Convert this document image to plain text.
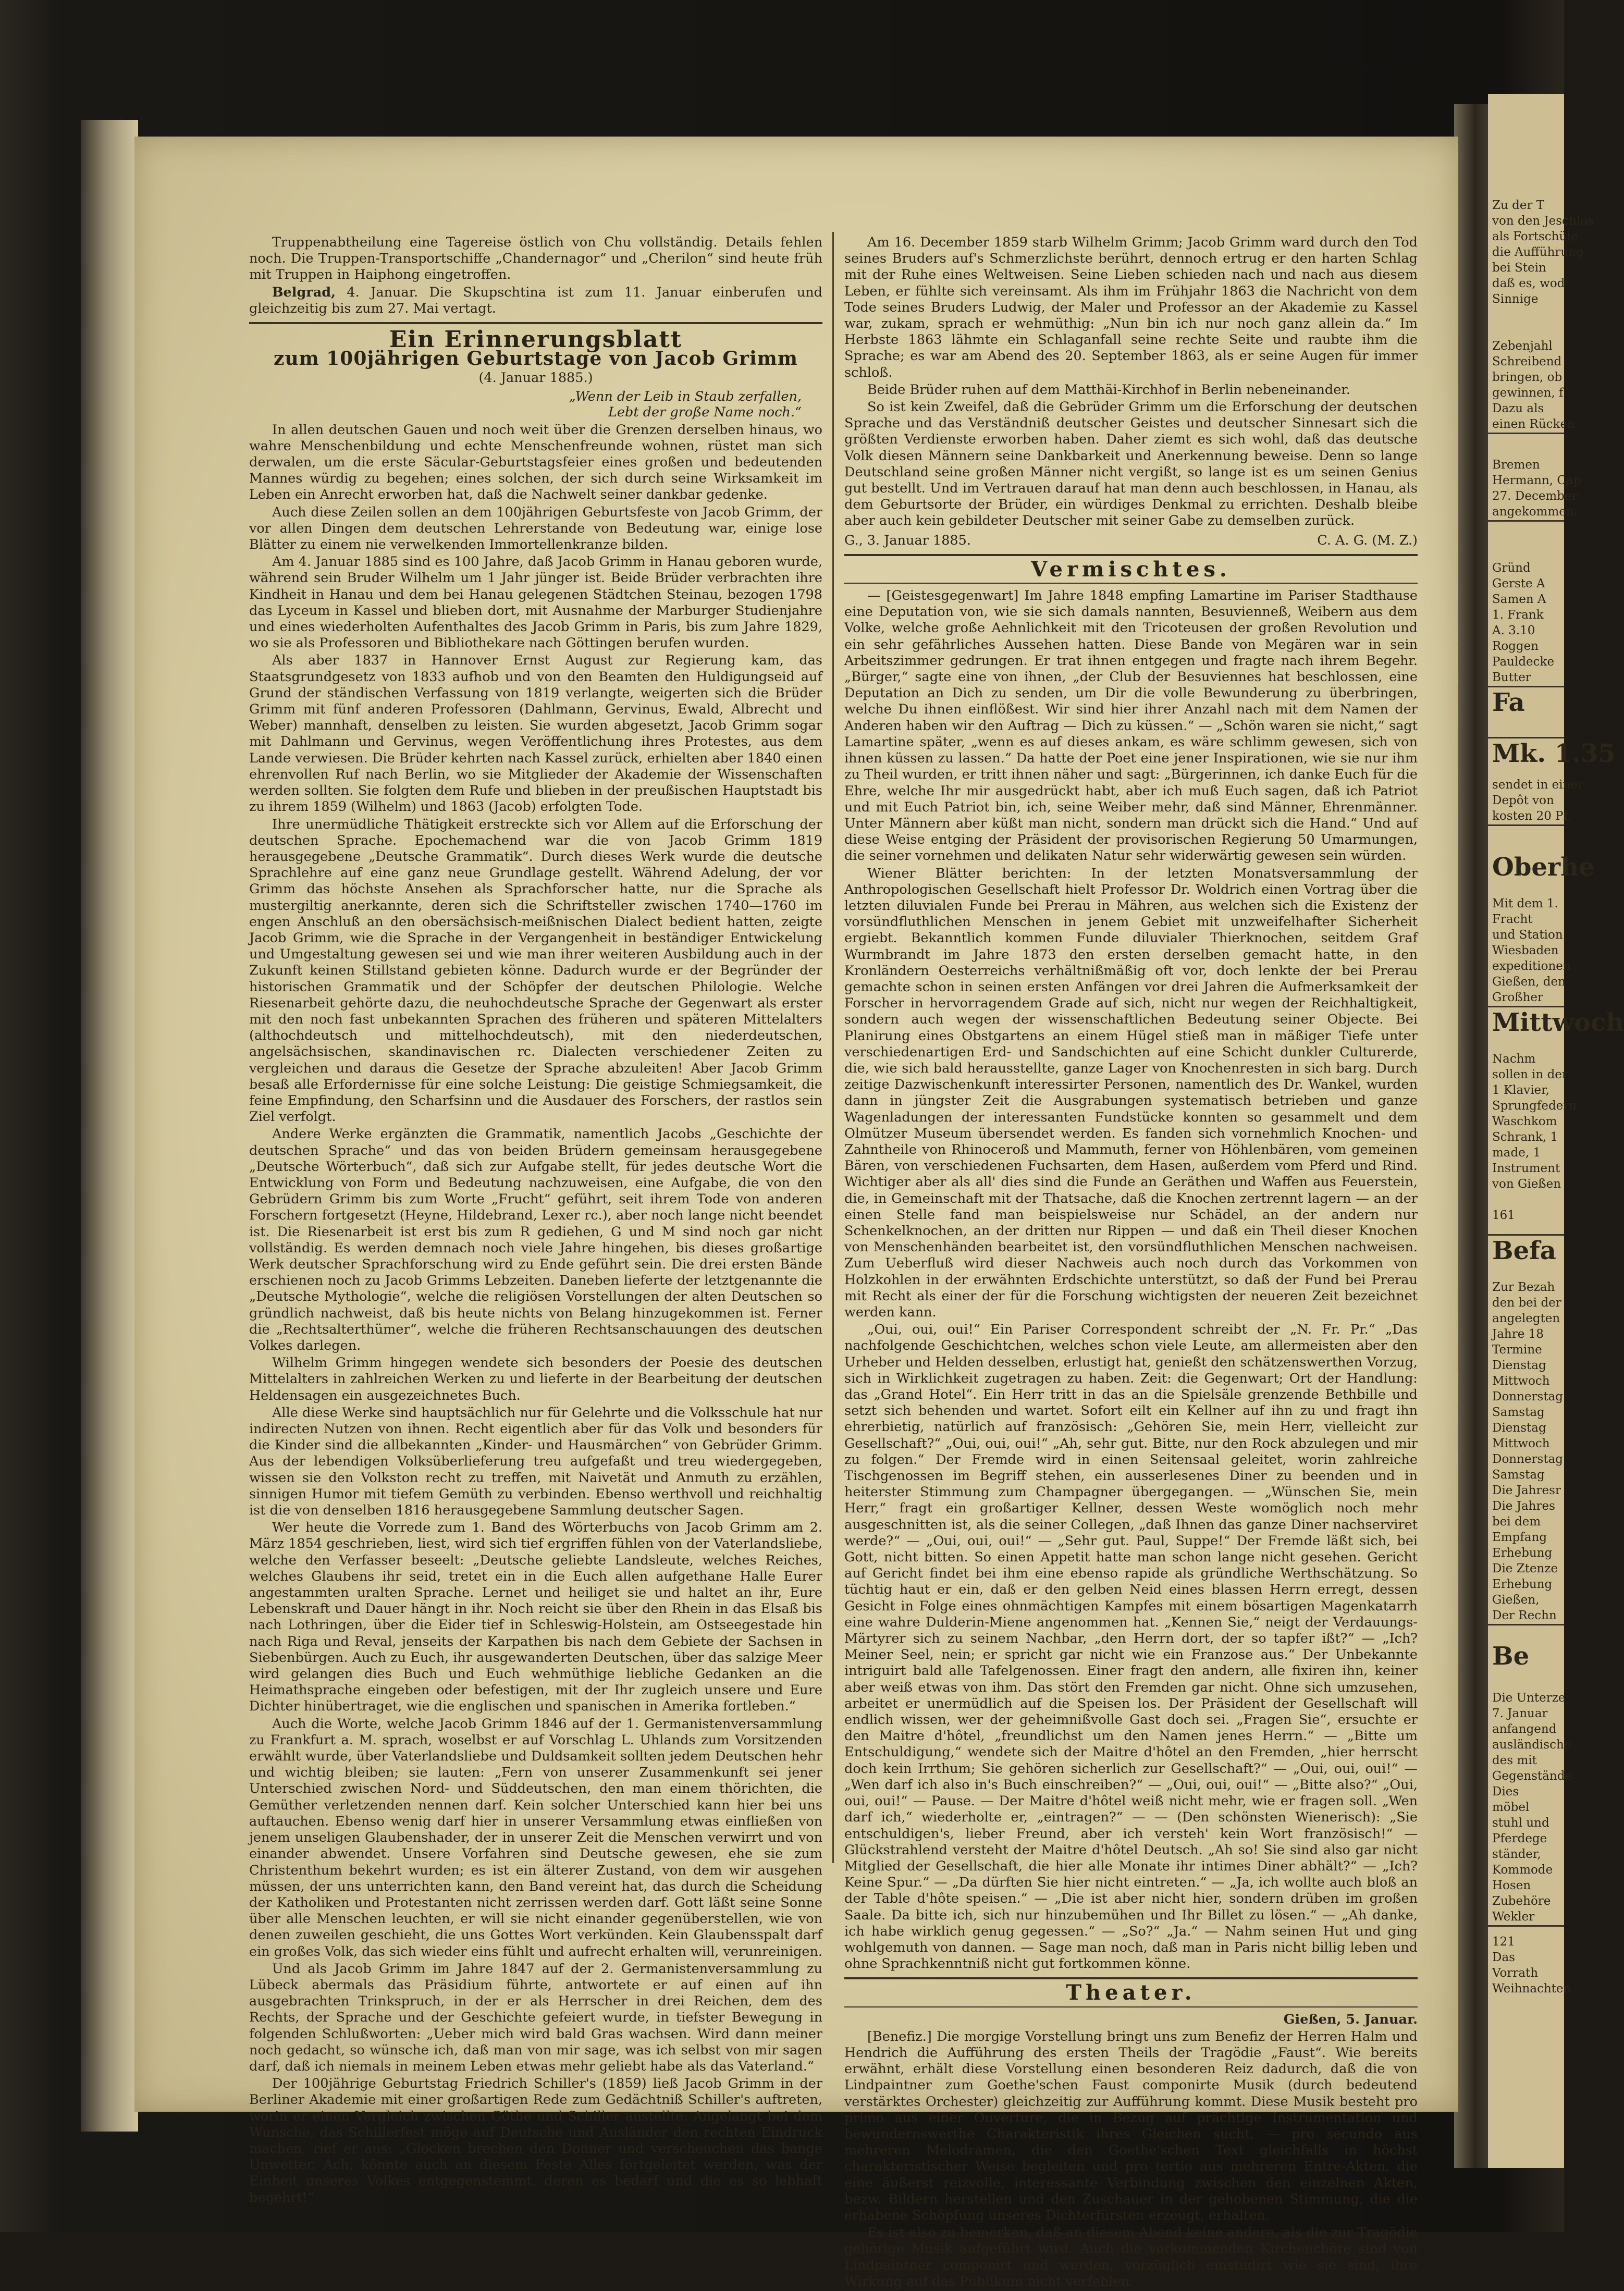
Zu der T
von den Jeschlos
als Fortschüle
die Aufführung
bei Stein
daß es, wod
Sinnige
Zebenjahl
Schreibend
bringen, ob
gewinnen, f
Dazu als
einen Rücken
Bremen
Hermann, Cap
27. December
angekommen.
Gründ
Gerste A
Samen A
1. Frank
A. 3.10
Roggen
Pauldecke
Butter
Fa
Mk. 1.35
sendet in einer
Depôt von
kosten 20 Pf.
Oberhe
Mit dem 1.
Fracht
und Station
Wiesbaden
expeditionen
Gießen, den
Großher
Mittwoch
Nachm
sollen in der
1 Klavier,
Sprungfedern
Waschkom
Schrank, 1
made, 1
Instrument
von Gießen
161
Befa
Zur Bezah
den bei der
angelegten
Jahre 18
Termine
Dienstag
Mittwoch
Donnerstag
Samstag
Dienstag
Mittwoch
Donnerstag
Samstag
Die Jahresr
Die Jahres
bei dem
Empfang
Erhebung
Die Ztenze
Erhebung
Gießen,
Der Rechn
Be
Die Unterze
7. Januar
anfangend
ausländische
des mit
Gegenstände
Dies
möbel
stuhl und
Pferdege
ständer,
Kommode
Hosen
Zubehöre
Wekler
121
Das
Vorrath
Weihnachten

Truppenabtheilung eine Tagereise östlich von Chu vollständig. Details fehlen noch. Die Truppen-Transportschiffe „Chandernagor“ und „Cherilon“ sind heute früh mit Truppen in Haiphong eingetroffen.

Belgrad, 4. Januar. Die Skupschtina ist zum 11. Januar einberufen und gleichzeitig bis zum 27. Mai vertagt.

Ein Erinnerungsblatt
zum 100jährigen Geburtstage von Jacob Grimm
(4. Januar 1885.)
„Wenn der Leib in Staub zerfallen,
Lebt der große Name noch.“

In allen deutschen Gauen und noch weit über die Grenzen derselben hinaus, wo wahre Menschenbildung und echte Menschenfreunde wohnen, rüstet man sich derwalen, um die erste Säcular-Geburtstagsfeier eines großen und bedeutenden Mannes würdig zu begehen; eines solchen, der sich durch seine Wirksamkeit im Leben ein Anrecht erworben hat, daß die Nachwelt seiner dankbar gedenke.

Auch diese Zeilen sollen an dem 100jährigen Geburtsfeste von Jacob Grimm, der vor allen Dingen dem deutschen Lehrerstande von Bedeutung war, einige lose Blätter zu einem nie verwelkenden Immortellenkranze bilden.

Am 4. Januar 1885 sind es 100 Jahre, daß Jacob Grimm in Hanau geboren wurde, während sein Bruder Wilhelm um 1 Jahr jünger ist. Beide Brüder verbrachten ihre Kindheit in Hanau und dem bei Hanau gelegenen Städtchen Steinau, bezogen 1798 das Lyceum in Kassel und blieben dort, mit Ausnahme der Marburger Studienjahre und eines wiederholten Aufenthaltes des Jacob Grimm in Paris, bis zum Jahre 1829, wo sie als Professoren und Bibliothekare nach Göttingen berufen wurden.

Als aber 1837 in Hannover Ernst August zur Regierung kam, das Staatsgrundgesetz von 1833 aufhob und von den Beamten den Huldigungseid auf Grund der ständischen Verfassung von 1819 verlangte, weigerten sich die Brüder Grimm mit fünf anderen Professoren (Dahlmann, Gervinus, Ewald, Albrecht und Weber) mannhaft, denselben zu leisten. Sie wurden abgesetzt, Jacob Grimm sogar mit Dahlmann und Gervinus, wegen Veröffentlichung ihres Protestes, aus dem Lande verwiesen. Die Brüder kehrten nach Kassel zurück, erhielten aber 1840 einen ehrenvollen Ruf nach Berlin, wo sie Mitglieder der Akademie der Wissenschaften werden sollten. Sie folgten dem Rufe und blieben in der preußischen Hauptstadt bis zu ihrem 1859 (Wilhelm) und 1863 (Jacob) erfolgten Tode.

Ihre unermüdliche Thätigkeit erstreckte sich vor Allem auf die Erforschung der deutschen Sprache. Epochemachend war die von Jacob Grimm 1819 herausgegebene „Deutsche Grammatik“. Durch dieses Werk wurde die deutsche Sprachlehre auf eine ganz neue Grundlage gestellt. Während Adelung, der vor Grimm das höchste Ansehen als Sprachforscher hatte, nur die Sprache als mustergiltig anerkannte, deren sich die Schriftsteller zwischen 1740—1760 im engen Anschluß an den obersächsisch-meißnischen Dialect bedient hatten, zeigte Jacob Grimm, wie die Sprache in der Vergangenheit in beständiger Entwickelung und Umgestaltung gewesen sei und wie man ihrer weiteren Ausbildung auch in der Zukunft keinen Stillstand gebieten könne. Dadurch wurde er der Begründer der historischen Grammatik und der Schöpfer der deutschen Philologie. Welche Riesenarbeit gehörte dazu, die neuhochdeutsche Sprache der Gegenwart als erster mit den noch fast unbekannten Sprachen des früheren und späteren Mittelalters (althochdeutsch und mittelhochdeutsch), mit den niederdeutschen, angelsächsischen, skandinavischen rc. Dialecten verschiedener Zeiten zu vergleichen und daraus die Gesetze der Sprache abzuleiten! Aber Jacob Grimm besaß alle Erfordernisse für eine solche Leistung: Die geistige Schmiegsamkeit, die feine Empfindung, den Scharfsinn und die Ausdauer des Forschers, der rastlos sein Ziel verfolgt.

Andere Werke ergänzten die Grammatik, namentlich Jacobs „Geschichte der deutschen Sprache“ und das von beiden Brüdern gemeinsam herausgegebene „Deutsche Wörterbuch“, daß sich zur Aufgabe stellt, für jedes deutsche Wort die Entwicklung von Form und Bedeutung nachzuweisen, eine Aufgabe, die von den Gebrüdern Grimm bis zum Worte „Frucht“ geführt, seit ihrem Tode von anderen Forschern fortgesetzt (Heyne, Hildebrand, Lexer rc.), aber noch lange nicht beendet ist. Die Riesenarbeit ist erst bis zum R gediehen, G und M sind noch gar nicht vollständig. Es werden demnach noch viele Jahre hingehen, bis dieses großartige Werk deutscher Sprachforschung wird zu Ende geführt sein. Die drei ersten Bände erschienen noch zu Jacob Grimms Lebzeiten. Daneben lieferte der letztgenannte die „Deutsche Mythologie“, welche die religiösen Vorstellungen der alten Deutschen so gründlich nachweist, daß bis heute nichts von Belang hinzugekommen ist. Ferner die „Rechtsalterthümer“, welche die früheren Rechtsanschauungen des deutschen Volkes darlegen.

Wilhelm Grimm hingegen wendete sich besonders der Poesie des deutschen Mittelalters in zahlreichen Werken zu und lieferte in der Bearbeitung der deutschen Heldensagen ein ausgezeichnetes Buch.

Alle diese Werke sind hauptsächlich nur für Gelehrte und die Volksschule hat nur indirecten Nutzen von ihnen. Recht eigentlich aber für das Volk und besonders für die Kinder sind die allbekannten „Kinder- und Hausmärchen“ von Gebrüder Grimm. Aus der lebendigen Volksüberlieferung treu aufgefaßt und treu wiedergegeben, wissen sie den Volkston recht zu treffen, mit Naivetät und Anmuth zu erzählen, sinnigen Humor mit tiefem Gemüth zu verbinden. Ebenso werthvoll und reichhaltig ist die von denselben 1816 herausgegebene Sammlung deutscher Sagen.

Wer heute die Vorrede zum 1. Band des Wörterbuchs von Jacob Grimm am 2. März 1854 geschrieben, liest, wird sich tief ergriffen fühlen von der Vaterlandsliebe, welche den Verfasser beseelt: „Deutsche geliebte Landsleute, welches Reiches, welches Glaubens ihr seid, tretet ein in die Euch allen aufgethane Halle Eurer angestammten uralten Sprache. Lernet und heiliget sie und haltet an ihr, Eure Lebenskraft und Dauer hängt in ihr. Noch reicht sie über den Rhein in das Elsaß bis nach Lothringen, über die Eider tief in Schleswig-Holstein, am Ostseegestade hin nach Riga und Reval, jenseits der Karpathen bis nach dem Gebiete der Sachsen in Siebenbürgen. Auch zu Euch, ihr ausgewanderten Deutschen, über das salzige Meer wird gelangen dies Buch und Euch wehmüthige liebliche Gedanken an die Heimathsprache eingeben oder befestigen, mit der Ihr zugleich unsere und Eure Dichter hinübertraget, wie die englischen und spanischen in Amerika fortleben.“

Auch die Worte, welche Jacob Grimm 1846 auf der 1. Germanistenversammlung zu Frankfurt a. M. sprach, woselbst er auf Vorschlag L. Uhlands zum Vorsitzenden erwählt wurde, über Vaterlandsliebe und Duldsamkeit sollten jedem Deutschen hehr und wichtig bleiben; sie lauten: „Fern von unserer Zusammenkunft sei jener Unterschied zwischen Nord- und Süddeutschen, den man einem thörichten, die Gemüther verletzenden nennen darf. Kein solcher Unterschied kann hier bei uns auftauchen. Ebenso wenig darf hier in unserer Versammlung etwas einfließen von jenem unseligen Glaubenshader, der in unserer Zeit die Menschen verwirrt und von einander abwendet. Unsere Vorfahren sind Deutsche gewesen, ehe sie zum Christenthum bekehrt wurden; es ist ein älterer Zustand, von dem wir ausgehen müssen, der uns unterrichten kann, den Band vereint hat, das durch die Scheidung der Katholiken und Protestanten nicht zerrissen werden darf. Gott läßt seine Sonne über alle Menschen leuchten, er will sie nicht einander gegenüberstellen, wie von denen zuweilen geschieht, die uns Gottes Wort verkünden. Kein Glaubensspalt darf ein großes Volk, das sich wieder eins fühlt und aufrecht erhalten will, verunreinigen.

Und als Jacob Grimm im Jahre 1847 auf der 2. Germanistenversammlung zu Lübeck abermals das Präsidium führte, antwortete er auf einen auf ihn ausgebrachten Trinkspruch, in der er als Herrscher in drei Reichen, dem des Rechts, der Sprache und der Geschichte gefeiert wurde, in tiefster Bewegung in folgenden Schlußworten: „Ueber mich wird bald Gras wachsen. Wird dann meiner noch gedacht, so wünsche ich, daß man von mir sage, was ich selbst von mir sagen darf, daß ich niemals in meinem Leben etwas mehr geliebt habe als das Vaterland.“

Der 100jährige Geburtstag Friedrich Schiller's (1859) ließ Jacob Grimm in der Berliner Akademie mit einer großartigen Rede zum Gedächtniß Schiller's auftreten, worin er einen Vergleich zwischen Göthe und Schiller anstellte. Angelangt bei dem Wunsche, das Schillerfest möge auf Deutsche und Ausländer den rechten Eindruck machen, rief er aus: „Glocken brechen den Donner und verscheuchen das bange Unwetter. Ach, könnte auch an diesem Feste Alles fortgeleitet werden, was der Einheit unseres Volkes entgegenstemmt, deren es bedarf und die es so lebhaft begehrt!“

Am 16. December 1859 starb Wilhelm Grimm; Jacob Grimm ward durch den Tod seines Bruders auf's Schmerzlichste berührt, dennoch ertrug er den harten Schlag mit der Ruhe eines Weltweisen. Seine Lieben schieden nach und nach aus diesem Leben, er fühlte sich vereinsamt. Als ihm im Frühjahr 1863 die Nachricht von dem Tode seines Bruders Ludwig, der Maler und Professor an der Akademie zu Kassel war, zukam, sprach er wehmüthig: „Nun bin ich nur noch ganz allein da.“ Im Herbste 1863 lähmte ein Schlaganfall seine rechte Seite und raubte ihm die Sprache; es war am Abend des 20. September 1863, als er seine Augen für immer schloß.

Beide Brüder ruhen auf dem Matthäi-Kirchhof in Berlin nebeneinander.

So ist kein Zweifel, daß die Gebrüder Grimm um die Erforschung der deutschen Sprache und das Verständniß deutscher Geistes und deutscher Sinnesart sich die größten Verdienste erworben haben. Daher ziemt es sich wohl, daß das deutsche Volk diesen Männern seine Dankbarkeit und Anerkennung beweise. Denn so lange Deutschland seine großen Männer nicht vergißt, so lange ist es um seinen Genius gut bestellt. Und im Vertrauen darauf hat man denn auch beschlossen, in Hanau, als dem Geburtsorte der Brüder, ein würdiges Denkmal zu errichten. Deshalb bleibe aber auch kein gebildeter Deutscher mit seiner Gabe zu demselben zurück.

G., 3. Januar 1885.	C. A. G. (M. Z.)
Vermischtes.

— [Geistesgegenwart] Im Jahre 1848 empfing Lamartine im Pariser Stadthause eine Deputation von, wie sie sich damals nannten, Besuvienneß, Weibern aus dem Volke, welche große Aehnlichkeit mit den Tricoteusen der großen Revolution und ein sehr gefährliches Aussehen hatten. Diese Bande von Megären war in sein Arbeitszimmer gedrungen. Er trat ihnen entgegen und fragte nach ihrem Begehr. „Bürger,“ sagte eine von ihnen, „der Club der Besuviennes hat beschlossen, eine Deputation an Dich zu senden, um Dir die volle Bewunderung zu überbringen, welche Du ihnen einflößest. Wir sind hier ihrer Anzahl nach mit dem Namen der Anderen haben wir den Auftrag — Dich zu küssen.“ — „Schön waren sie nicht,“ sagt Lamartine später, „wenn es auf dieses ankam, es wäre schlimm gewesen, sich von ihnen küssen zu lassen.“ Da hatte der Poet eine jener Inspirationen, wie sie nur ihm zu Theil wurden, er tritt ihnen näher und sagt: „Bürgerinnen, ich danke Euch für die Ehre, welche Ihr mir ausgedrückt habt, aber ich muß Euch sagen, daß ich Patriot und mit Euch Patriot bin, ich, seine Weiber mehr, daß sind Männer, Ehrenmänner. Unter Männern aber küßt man nicht, sondern man drückt sich die Hand.“ Und auf diese Weise entging der Präsident der provisorischen Regierung 50 Umarmungen, die seiner vornehmen und delikaten Natur sehr widerwärtig gewesen sein würden.

Wiener Blätter berichten: In der letzten Monatsversammlung der Anthropologischen Gesellschaft hielt Professor Dr. Woldrich einen Vortrag über die letzten diluvialen Funde bei Prerau in Mähren, aus welchen sich die Existenz der vorsündfluthlichen Menschen in jenem Gebiet mit unzweifelhafter Sicherheit ergiebt. Bekanntlich kommen Funde diluvialer Thierknochen, seitdem Graf Wurmbrandt im Jahre 1873 den ersten derselben gemacht hatte, in den Kronländern Oesterreichs verhältnißmäßig oft vor, doch lenkte der bei Prerau gemachte schon in seinen ersten Anfängen vor drei Jahren die Aufmerksamkeit der Forscher in hervorragendem Grade auf sich, nicht nur wegen der Reichhaltigkeit, sondern auch wegen der wissenschaftlichen Bedeutung seiner Objecte. Bei Planirung eines Obstgartens an einem Hügel stieß man in mäßiger Tiefe unter verschiedenartigen Erd- und Sandschichten auf eine Schicht dunkler Culturerde, die, wie sich bald herausstellte, ganze Lager von Knochenresten in sich barg. Durch zeitige Dazwischenkunft interessirter Personen, namentlich des Dr. Wankel, wurden dann in jüngster Zeit die Ausgrabungen systematisch betrieben und ganze Wagenladungen der interessanten Fundstücke konnten so gesammelt und dem Olmützer Museum übersendet werden. Es fanden sich vornehmlich Knochen- und Zahntheile von Rhinoceroß und Mammuth, ferner von Höhlenbären, vom gemeinen Bären, von verschiedenen Fuchsarten, dem Hasen, außerdem vom Pferd und Rind. Wichtiger aber als all' dies sind die Funde an Geräthen und Waffen aus Feuerstein, die, in Gemeinschaft mit der Thatsache, daß die Knochen zertrennt lagern — an der einen Stelle fand man beispielsweise nur Schädel, an der andern nur Schenkelknochen, an der dritten nur Rippen — und daß ein Theil dieser Knochen von Menschenhänden bearbeitet ist, den vorsündfluthlichen Menschen nachweisen. Zum Ueberfluß wird dieser Nachweis auch noch durch das Vorkommen von Holzkohlen in der erwähnten Erdschichte unterstützt, so daß der Fund bei Prerau mit Recht als einer der für die Forschung wichtigsten der neueren Zeit bezeichnet werden kann.

„Oui, oui, oui!“ Ein Pariser Correspondent schreibt der „N. Fr. Pr.“ „Das nachfolgende Geschichtchen, welches schon viele Leute, am allermeisten aber den Urheber und Helden desselben, erlustigt hat, genießt den schätzenswerthen Vorzug, sich in Wirklichkeit zugetragen zu haben. Zeit: die Gegenwart; Ort der Handlung: das „Grand Hotel“. Ein Herr tritt in das an die Spielsäle grenzende Bethbille und setzt sich behenden und wartet. Sofort eilt ein Kellner auf ihn zu und fragt ihn ehrerbietig, natürlich auf französisch: „Gehören Sie, mein Herr, vielleicht zur Gesellschaft?“ „Oui, oui, oui!“ „Ah, sehr gut. Bitte, nur den Rock abzulegen und mir zu folgen.“ Der Fremde wird in einen Seitensaal geleitet, worin zahlreiche Tischgenossen im Begriff stehen, ein ausserlesenes Diner zu beenden und in heiterster Stimmung zum Champagner übergegangen. — „Wünschen Sie, mein Herr,“ fragt ein großartiger Kellner, dessen Weste womöglich noch mehr ausgeschnitten ist, als die seiner Collegen, „daß Ihnen das ganze Diner nachserviret werde?“ — „Oui, oui, oui!“ — „Sehr gut. Paul, Suppe!“ Der Fremde läßt sich, bei Gott, nicht bitten. So einen Appetit hatte man schon lange nicht gesehen. Gericht auf Gericht findet bei ihm eine ebenso rapide als gründliche Werthschätzung. So tüchtig haut er ein, daß er den gelben Neid eines blassen Herrn erregt, dessen Gesicht in Folge eines ohnmächtigen Kampfes mit einem bösartigen Magenkatarrh eine wahre Dulderin-Miene angenommen hat. „Kennen Sie,“ neigt der Verdauungs-Märtyrer sich zu seinem Nachbar, „den Herrn dort, der so tapfer ißt?“ — „Ich? Meiner Seel, nein; er spricht gar nicht wie ein Franzose aus.“ Der Unbekannte intriguirt bald alle Tafelgenossen. Einer fragt den andern, alle fixiren ihn, keiner aber weiß etwas von ihm. Das stört den Fremden gar nicht. Ohne sich umzusehen, arbeitet er unermüdlich auf die Speisen los. Der Präsident der Gesellschaft will endlich wissen, wer der geheimnißvolle Gast doch sei. „Fragen Sie“, ersuchte er den Maitre d'hôtel, „freundlichst um den Namen jenes Herrn.“ — „Bitte um Entschuldigung,“ wendete sich der Maitre d'hôtel an den Fremden, „hier herrscht doch kein Irrthum; Sie gehören sicherlich zur Gesellschaft?“ — „Oui, oui, oui!“ — „Wen darf ich also in's Buch einschreiben?“ — „Oui, oui, oui!“ — „Bitte also?“ „Oui, oui, oui!“ — Pause. — Der Maitre d'hôtel weiß nicht mehr, wie er fragen soll. „Wen darf ich,“ wiederholte er, „eintragen?“ — — (Den schönsten Wienerisch): „Sie entschuldigen's, lieber Freund, aber ich versteh' kein Wort französisch!“ — Glückstrahlend versteht der Maitre d'hôtel Deutsch. „Ah so! Sie sind also gar nicht Mitglied der Gesellschaft, die hier alle Monate ihr intimes Diner abhält?“ — „Ich? Keine Spur.“ — „Da dürften Sie hier nicht eintreten.“ — „Ja, ich wollte auch bloß an der Table d'hôte speisen.“ — „Die ist aber nicht hier, sondern drüben im großen Saale. Da bitte ich, sich nur hinzubemühen und Ihr Billet zu lösen.“ — „Ah danke, ich habe wirklich genug gegessen.“ — „So?“ „Ja.“ — Nahm seinen Hut und ging wohlgemuth von dannen. — Sage man noch, daß man in Paris nicht billig leben und ohne Sprachkenntniß nicht gut fortkommen könne.

Theater.

Gießen, 5. Januar.

[Benefiz.] Die morgige Vorstellung bringt uns zum Benefiz der Herren Halm und Hendrich die Aufführung des ersten Theils der Tragödie „Faust“. Wie bereits erwähnt, erhält diese Vorstellung einen besonderen Reiz dadurch, daß die von Lindpaintner zum Goethe'schen Faust componirte Musik (durch bedeutend verstärktes Orchester) gleichzeitig zur Aufführung kommt. Diese Musik besteht pro primo aus einer Ouverture, die in Bezug auf prächtige Instrumentation und bewundernswerthe Charakteristik ihres Gleichen sucht, — pro secundo aus mehreren Melodramen, die den Goethe'schen Text gleichfalls in höchst charakteristischer Weise begleiten und pro tertio aus mehreren Entre-Akten, die eine äußerst reizvolle, interessante Verbindung zwischen den einzelnen Akten, bezw. Bildern herstellen und den Zuschauer in der gehobenen Stimmung, die die erhabene Schöpfung unseres Dichterfürsten erzeugt, erhalten.

Es ist also zu bemerken, daß an diesem Abend keine andere, als die zur Tragödie gehörige Musik aufgeführt wird. Auch die vorkommenden Kirchenchöre sind von Lindpaintner componirt und werden, vorzüglich einstudirt wie sie sind, ihre Wirkung auf das Publikum nicht verfehlen.
